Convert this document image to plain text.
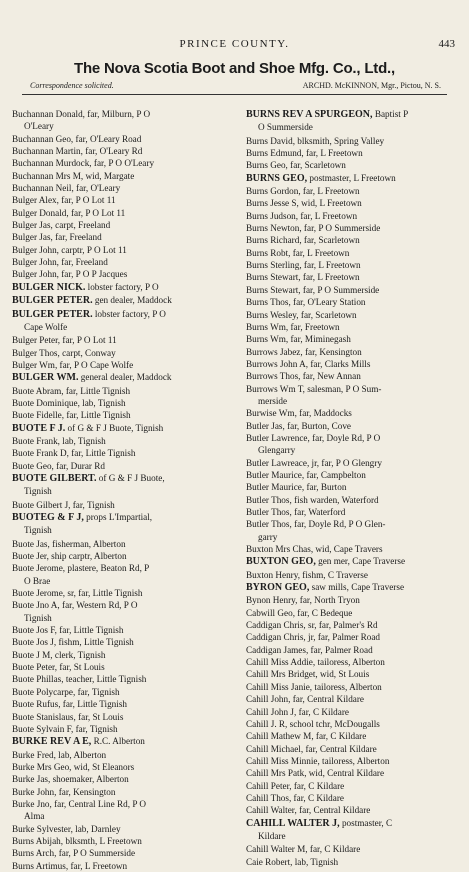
PRINCE COUNTY.	443
The Nova Scotia Boot and Shoe Mfg. Co., Ltd.,
Correspondence solicited.	ARCHD. McKINNON, Mgr., Pictou, N. S.
Buchannan Donald, far, Milburn, P O
O'Leary
Buchannan Geo, far, O'Leary Road
Buchannan Martin, far, O'Leary Rd
Buchannan Murdock, far, P O O'Leary
Buchannan Mrs M, wid, Margate
Buchannan Neil, far, O'Leary
Bulger Alex, far, P O Lot 11
Bulger Donald, far, P O Lot 11
Bulger Jas, carpt, Freeland
Bulger Jas, far, Freeland
Bulger John, carptr, P O Lot 11
Bulger John, far, Freeland
Bulger John, far, P O P Jacques
BULGER NICK. lobster factory, P O
BULGER PETER. gen dealer, Maddock
BULGER PETER. lobster factory, P O
Cape Wolfe
Bulger Peter, far, P O Lot 11
Bulger Thos, carpt, Conway
Bulger Wm, far, P O Cape Wolfe
BULGER WM. general dealer, Maddock
Buote Abram, far, Little Tignish
Buote Dominique, lab, Tignish
Buote Fidelle, far, Little Tignish
BUOTE F J. of G & F J Buote, Tignish
Buote Frank, lab, Tignish
Buote Frank D, far, Little Tignish
Buote Geo, far, Durar Rd
BUOTE GILBERT. of G & F J Buote,
Tignish
Buote Gilbert J, far, Tignish
BUOTEG & F J, props L'Impartial,
Tignish
Buote Jas, fisherman, Alberton
Buote Jer, ship carptr, Alberton
Buote Jerome, plastere, Beaton Rd, P
O Brae
Buote Jerome, sr, far, Little Tignish
Buote Jno A, far, Western Rd, P O
Tignish
Buote Jos F, far, Little Tignish
Buote Jos J, fishm, Little Tignish
Buote J M, clerk, Tignish
Buote Peter, far, St Louis
Buote Phillas, teacher, Little Tignish
Buote Polycarpe, far, Tignish
Buote Rufus, far, Little Tignish
Buote Stanislaus, far, St Louis
Buote Sylvain F, far, Tignish
BURKE REV A E, R.C. Alberton
Burke Fred, lab, Alberton
Burke Mrs Geo, wid, St Eleanors
Burke Jas, shoemaker, Alberton
Burke John, far, Kensington
Burke Jno, far, Central Line Rd, P O
Alma
Burke Sylvester, lab, Darnley
Burns Abijah, blksmth, L Freetown
Burns Arch, far, P O Summerside
Burns Artimus, far, L Freetown
BURNS REV A SPURGEON, Baptist P
O Summerside
Burns David, blksmith, Spring Valley
Burns Edmund, far, L Freetown
Burns Geo, far, Scarletown
BURNS GEO, postmaster, L Freetown
Burns Gordon, far, L Freetown
Burns Jesse S, wid, L Freetown
Burns Judson, far, L Freetown
Burns Newton, far, P O Summerside
Burns Richard, far, Scarletown
Burns Robt, far, L Freetown
Burns Sterling, far, L Freetown
Burns Stewart, far, L Freetown
Burns Stewart, far, P O Summerside
Burns Thos, far, O'Leary Station
Burns Wesley, far, Scarletown
Burns Wm, far, Freetown
Burns Wm, far, Miminegash
Burrows Jabez, far, Kensington
Burrows John A, far, Clarks Mills
Burrows Thos, far, New Annan
Burrows Wm T, salesman, P O Sum-
merside
Burwise Wm, far, Maddocks
Butler Jas, far, Burton, Cove
Butler Lawrence, far, Doyle Rd, P O
Glengarry
Butler Lawreace, jr, far, P O Glengry
Butler Maurice, far, Campbelton
Butler Maurice, far, Burton
Butler Thos, fish warden, Waterford
Butler Thos, far, Waterford
Butler Thos, far, Doyle Rd, P O Glen-
garry
Buxton Mrs Chas, wid, Cape Travers
BUXTON GEO, gen mer, Cape Traverse
Buxton Henry, fishm, C Traverse
BYRON GEO, saw mills, Cape Traverse
Bynon Henry, far, North Tryon
Cabwill Geo, far, C Bedeque
Caddigan Chris, sr, far, Palmer's Rd
Caddigan Chris, jr, far, Palmer Road
Caddigan James, far, Palmer Road
Cahill Miss Addie, tailoress, Alberton
Cahill Mrs Bridget, wid, St Louis
Cahill Miss Janie, tailoress, Alberton
Cahill John, far, Central Kildare
Cahill John J, far, C Kildare
Cahill J. R, school tchr, McDougalls
Cahill Mathew M, far, C Kildare
Cahill Michael, far, Central Kildare
Cahill Miss Minnie, tailoress, Alberton
Cahill Mrs Patk, wid, Central Kildare
Cahill Peter, far, C Kildare
Cahill Thos, far, C Kildare
Cahill Walter, far, Central Kildare
CAHILL WALTER J, postmaster, C
Kildare
Cahill Walter M, far, C Kildare
Caie Robert, lab, Tignish
